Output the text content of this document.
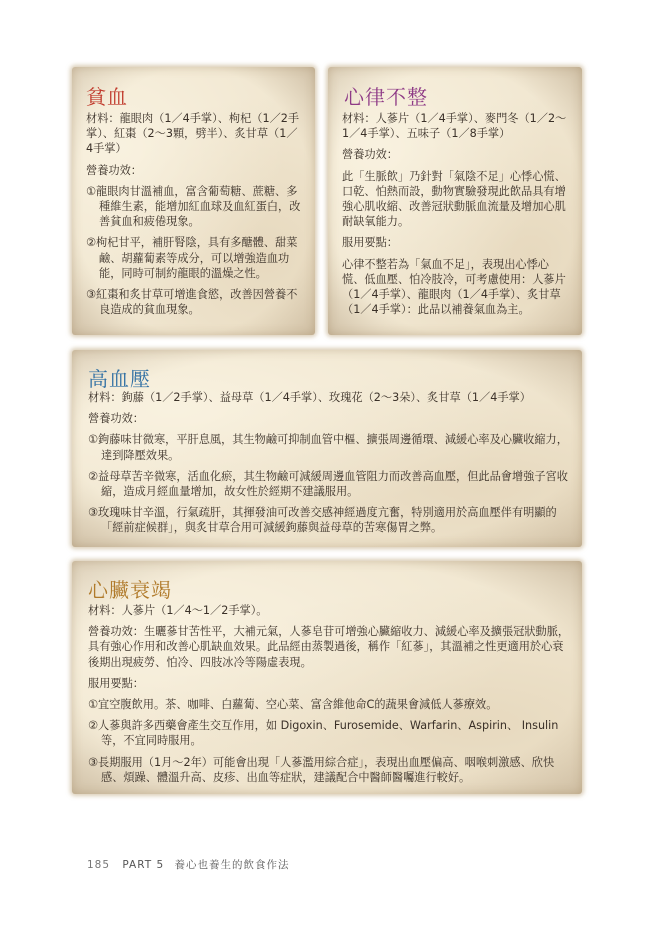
貧血

材料：龍眼肉（1／4手掌）、枸杞（1／2手掌）、紅棗（2～3顆，劈半）、炙甘草（1／4手掌）

營養功效：

①龍眼肉甘溫補血，富含葡萄糖、蔗糖、多種維生素，能增加紅血球及血紅蛋白，改善貧血和疲倦現象。

②枸杞甘平，補肝腎陰，具有多醣體、甜菜鹼、胡蘿蔔素等成分，可以增強造血功能，同時可制約龍眼的溫燥之性。

③紅棗和炙甘草可增進食慾，改善因營養不良造成的貧血現象。

心律不整

材料：人蔘片（1／4手掌）、麥門冬（1／2～1／4手掌）、五味子（1／8手掌）

營養功效：

此「生脈飲」乃針對「氣陰不足」心悸心慌、口乾、怕熱而設，動物實驗發現此飲品具有增強心肌收縮、改善冠狀動脈血流量及增加心肌耐缺氧能力。

服用要點：

心律不整若為「氣血不足」，表現出心悸心慌、低血壓、怕冷肢冷，可考慮使用：人蔘片（1／4手掌）、龍眼肉（1／4手掌）、炙甘草（1／4手掌）：此品以補養氣血為主。

高血壓

材料：鉤藤（1／2手掌）、益母草（1／4手掌）、玫瑰花（2～3朵）、炙甘草（1／4手掌）

營養功效：

①鉤藤味甘微寒，平肝息風，其生物鹼可抑制血管中樞、擴張周邊循環、減緩心率及心臟收縮力，達到降壓效果。

②益母草苦辛微寒，活血化瘀，其生物鹼可減緩周邊血管阻力而改善高血壓，但此品會增強子宮收縮，造成月經血量增加，故女性於經期不建議服用。

③玫瑰味甘辛溫，行氣疏肝，其揮發油可改善交感神經過度亢奮，特別適用於高血壓伴有明顯的「經前症候群」，與炙甘草合用可減緩鉤藤與益母草的苦寒傷胃之弊。

心臟衰竭

材料：人蔘片（1／4～1／2手掌）。

營養功效：生曬蔘甘苦性平，大補元氣，人蔘皂苷可增強心臟縮收力、減緩心率及擴張冠狀動脈，具有強心作用和改善心肌缺血效果。此品經由蒸製過後，稱作「紅蔘」，其溫補之性更適用於心衰後期出現疲勞、怕冷、四肢冰冷等陽虛表現。

服用要點：

①宜空腹飲用。茶、咖啡、白蘿蔔、空心菜、富含維他命C的蔬果會減低人蔘療效。

②人蔘與許多西藥會產生交互作用，如 Digoxin、Furosemide、Warfarin、Aspirin、 Insulin 等，不宜同時服用。

③長期服用（1月～2年）可能會出現「人蔘濫用綜合症」，表現出血壓偏高、咽喉刺激感、欣快感、煩躁、體溫升高、皮疹、出血等症狀，建議配合中醫師醫囑進行較好。

185 PART 5 養心也養生的飲食作法
